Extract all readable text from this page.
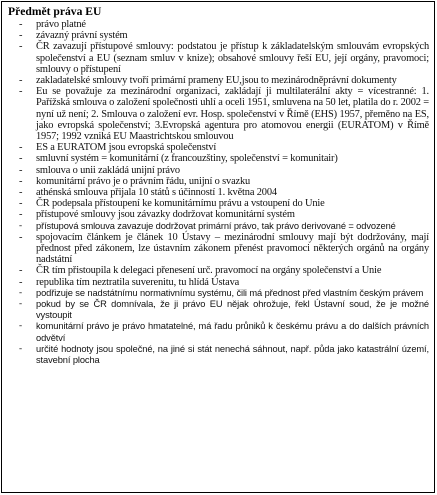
Předmět práva EU
- právo platné
- závazný právní systém
- ČR zavazují přístupové smlouvy: podstatou je přístup k základatelským smlouvám evropských společenství a EU (seznam smluv v knize); obsahové smlouvy řeší EU, její orgány, pravomoci; smlouvy o přístupení
- zakladatelské smlouvy tvoří primární prameny EU,jsou to mezinárodněprávní dokumenty
- Eu se považuje za mezinárodní organizaci, zakládají ji multilaterální akty = vícestranné: 1. Pařížská smlouva o založení společnosti uhlí a oceli 1951, smluvena na 50 let, platila do r. 2002 = nyní už není; 2. Smlouva o založení evr. Hosp. společenství v Římě (EHS) 1957, přeměno na ES, jako evropská společenství; 3.Evropská agentura pro atomovou energii (EURATOM) v Římě 1957; 1992 vzniká EU Maastrichtskou smlouvou
- ES a EURATOM jsou evropská společenství
- smluvní systém = komunitární (z francouzštiny, společenství = komunitair)
- smlouva o unii zakládá unijní právo
- komunitární právo je o právním řádu, unijní o svazku
- athénská smlouva přijala 10 států s účinností 1. května 2004
- ČR podepsala přístoupení ke komunitárnímu právu a vstoupení do Unie
- přístupové smlouvy jsou závazky dodržovat komunitární systém
- přístupová smlouva zavazuje dodržovat primární právo, tak právo derivované = odvozené
- spojovacím článkem je článek 10 Ústavy – mezinárodní smlouvy mají být dodržovány, mají přednost před zákonem, lze ústavním zákonem přenést pravomoci některých orgánů na orgány nadstátní
- ČR tím přistoupila k delegaci přenesení urč. pravomocí na orgány společenství a Unie
- republika tím neztratila suverenitu, tu hlídá Ústava
- podřizuje se nadstátnímu normativnímu systému, čili má přednost před vlastním českým právem
- pokud by se ČR domnívala, že ji právo EU nějak ohrožuje, řekl Ústavní soud, že je možné vystoupit
- komunitární právo je právo hmatatelné, má řadu průniků k českému právu a do dalších právních odvětví
- určité hodnoty jsou společné, na jiné si stát nenechá sáhnout, např. půda jako katastrální území, stavební plocha
